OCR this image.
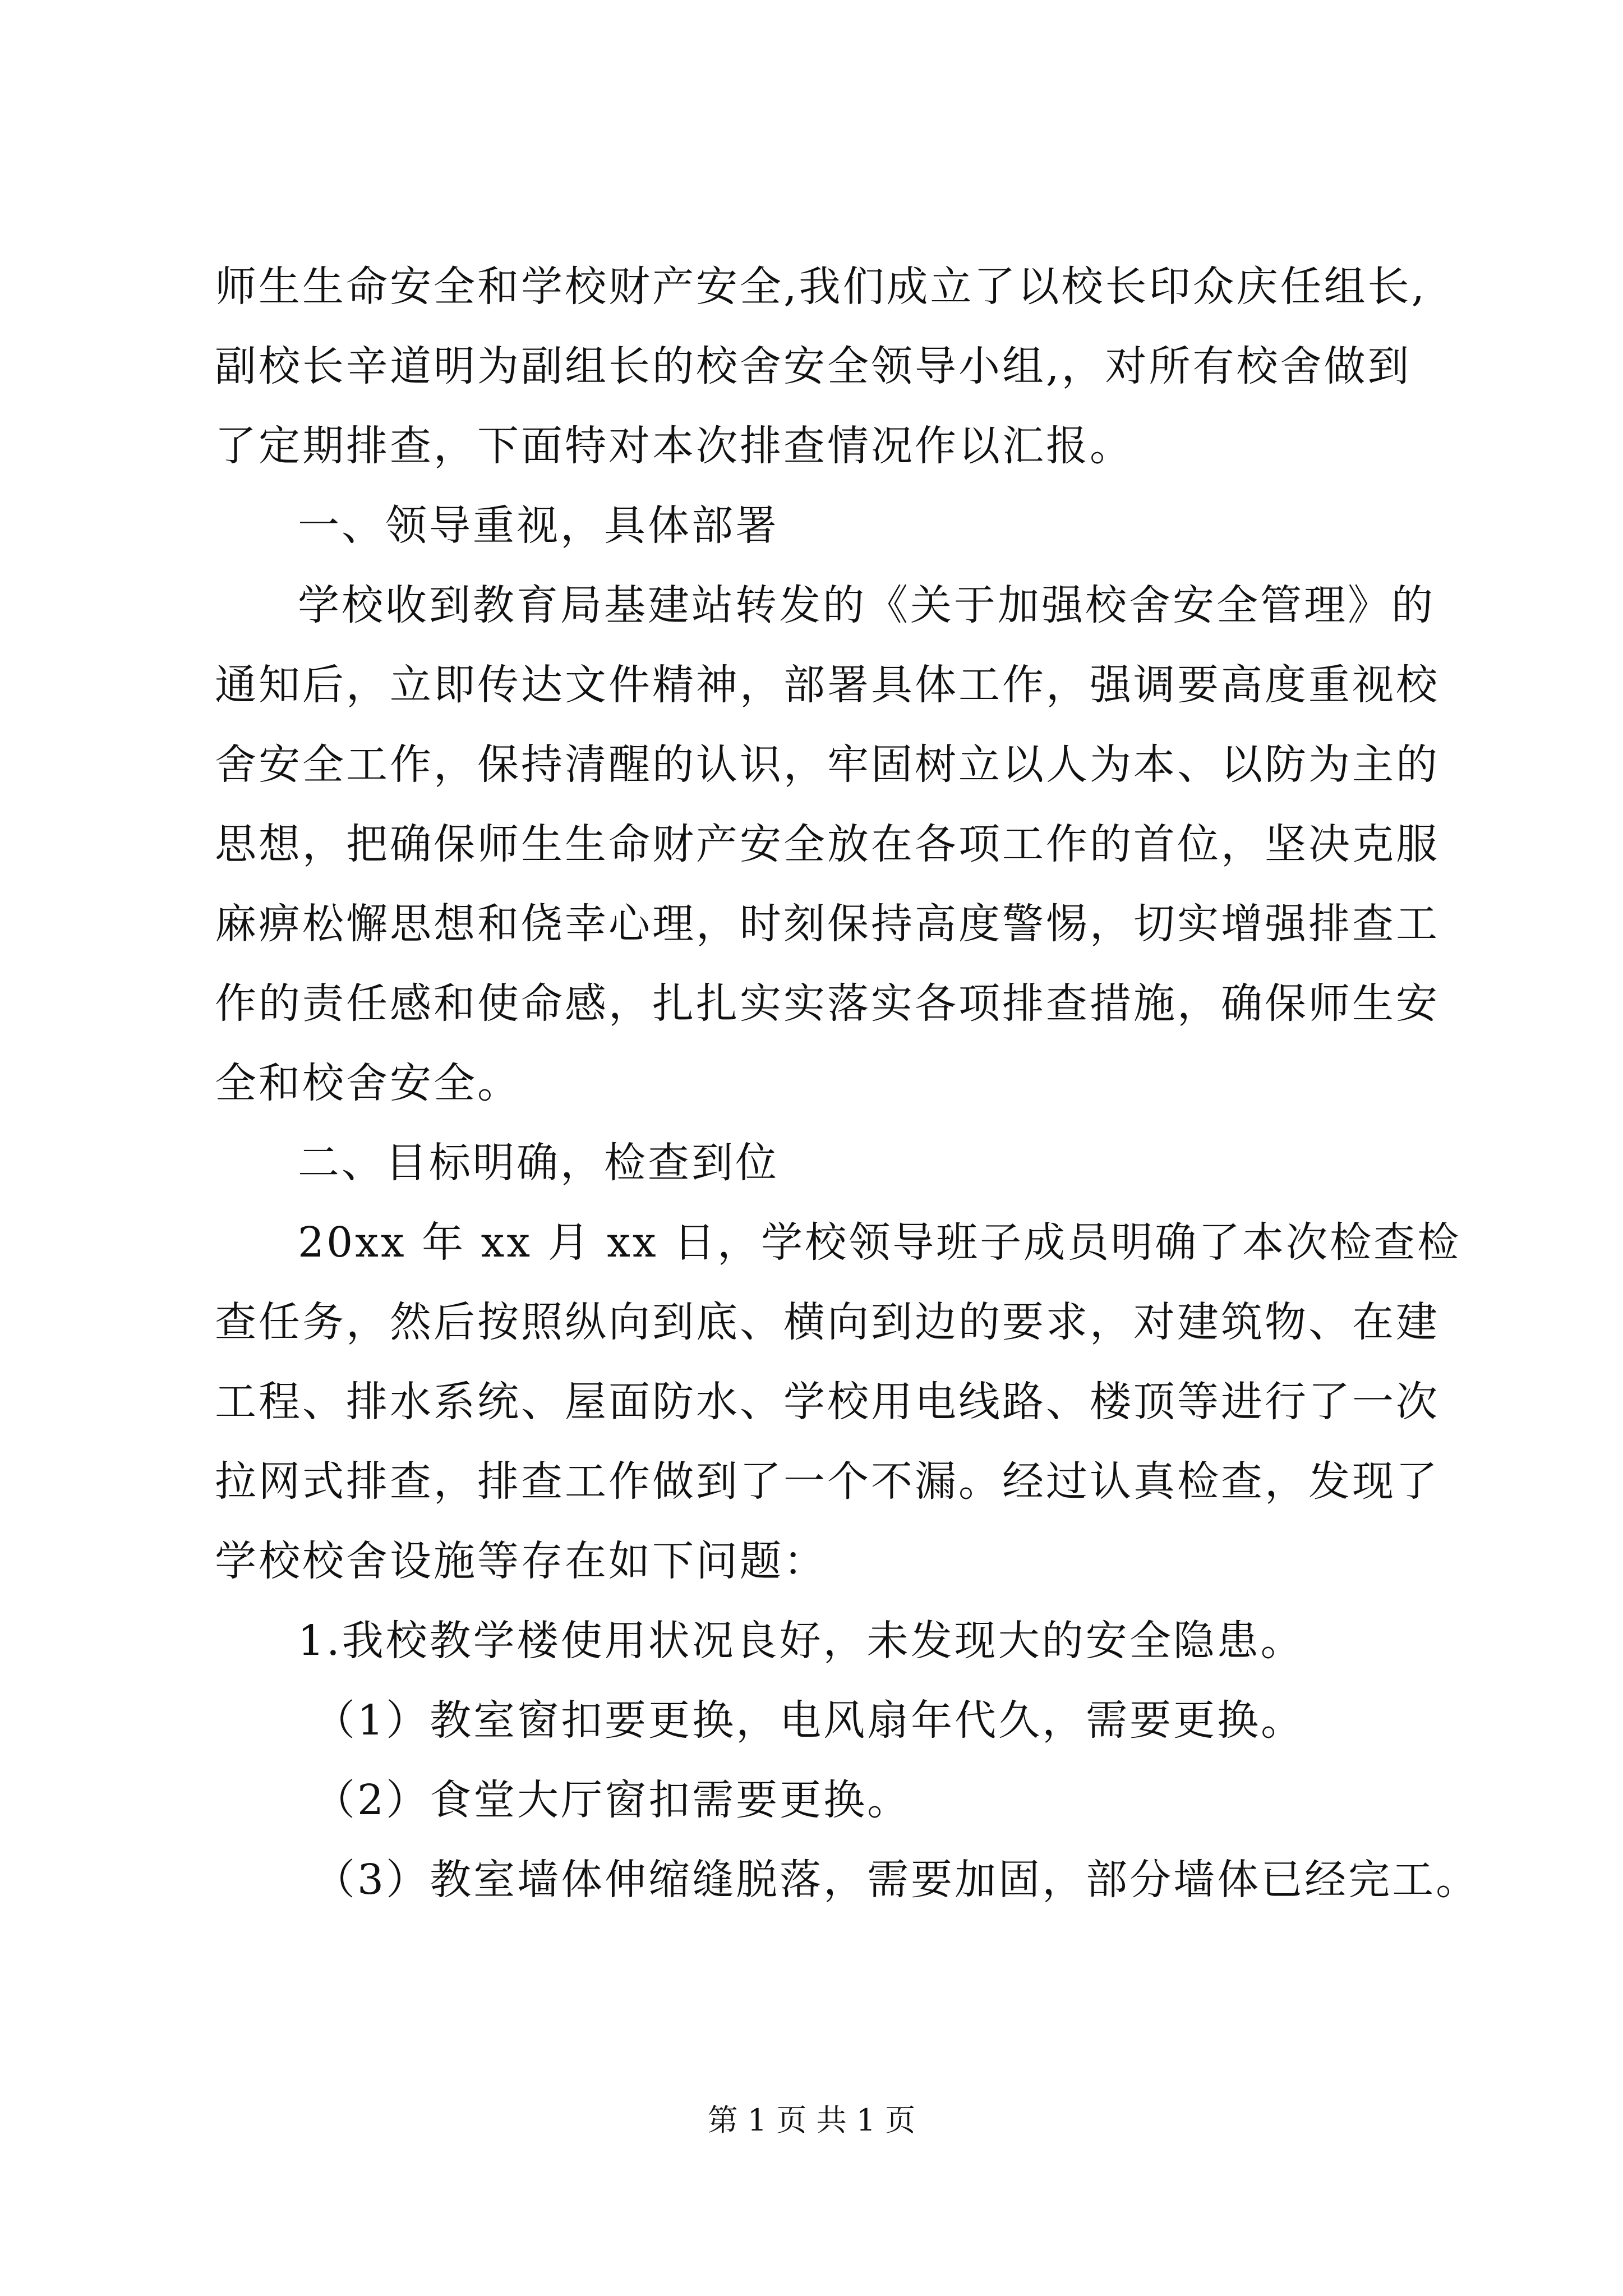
师生生命安全和学校财产安全,我们成立了以校长印众庆任组长,
副校长辛道明为副组长的校舍安全领导小组,，对所有校舍做到
了定期排查，下面特对本次排查情况作以汇报。
一、领导重视，具体部署
学校收到教育局基建站转发的《关于加强校舍安全管理》的
通知后，立即传达文件精神，部署具体工作，强调要高度重视校
舍安全工作，保持清醒的认识，牢固树立以人为本、以防为主的
思想，把确保师生生命财产安全放在各项工作的首位，坚决克服
麻痹松懈思想和侥幸心理，时刻保持高度警惕，切实增强排查工
作的责任感和使命感，扎扎实实落实各项排查措施，确保师生安
全和校舍安全。
二、目标明确，检查到位
20xx 年 xx 月 xx 日，学校领导班子成员明确了本次检查检
查任务，然后按照纵向到底、横向到边的要求，对建筑物、在建
工程、排水系统、屋面防水、学校用电线路、楼顶等进行了一次
拉网式排查，排查工作做到了一个不漏。经过认真检查，发现了
学校校舍设施等存在如下问题：
1.我校教学楼使用状况良好，未发现大的安全隐患。
（1）教室窗扣要更换，电风扇年代久，需要更换。
（2）食堂大厅窗扣需要更换。
（3）教室墙体伸缩缝脱落，需要加固，部分墙体已经完工。
第 1 页 共 1 页
